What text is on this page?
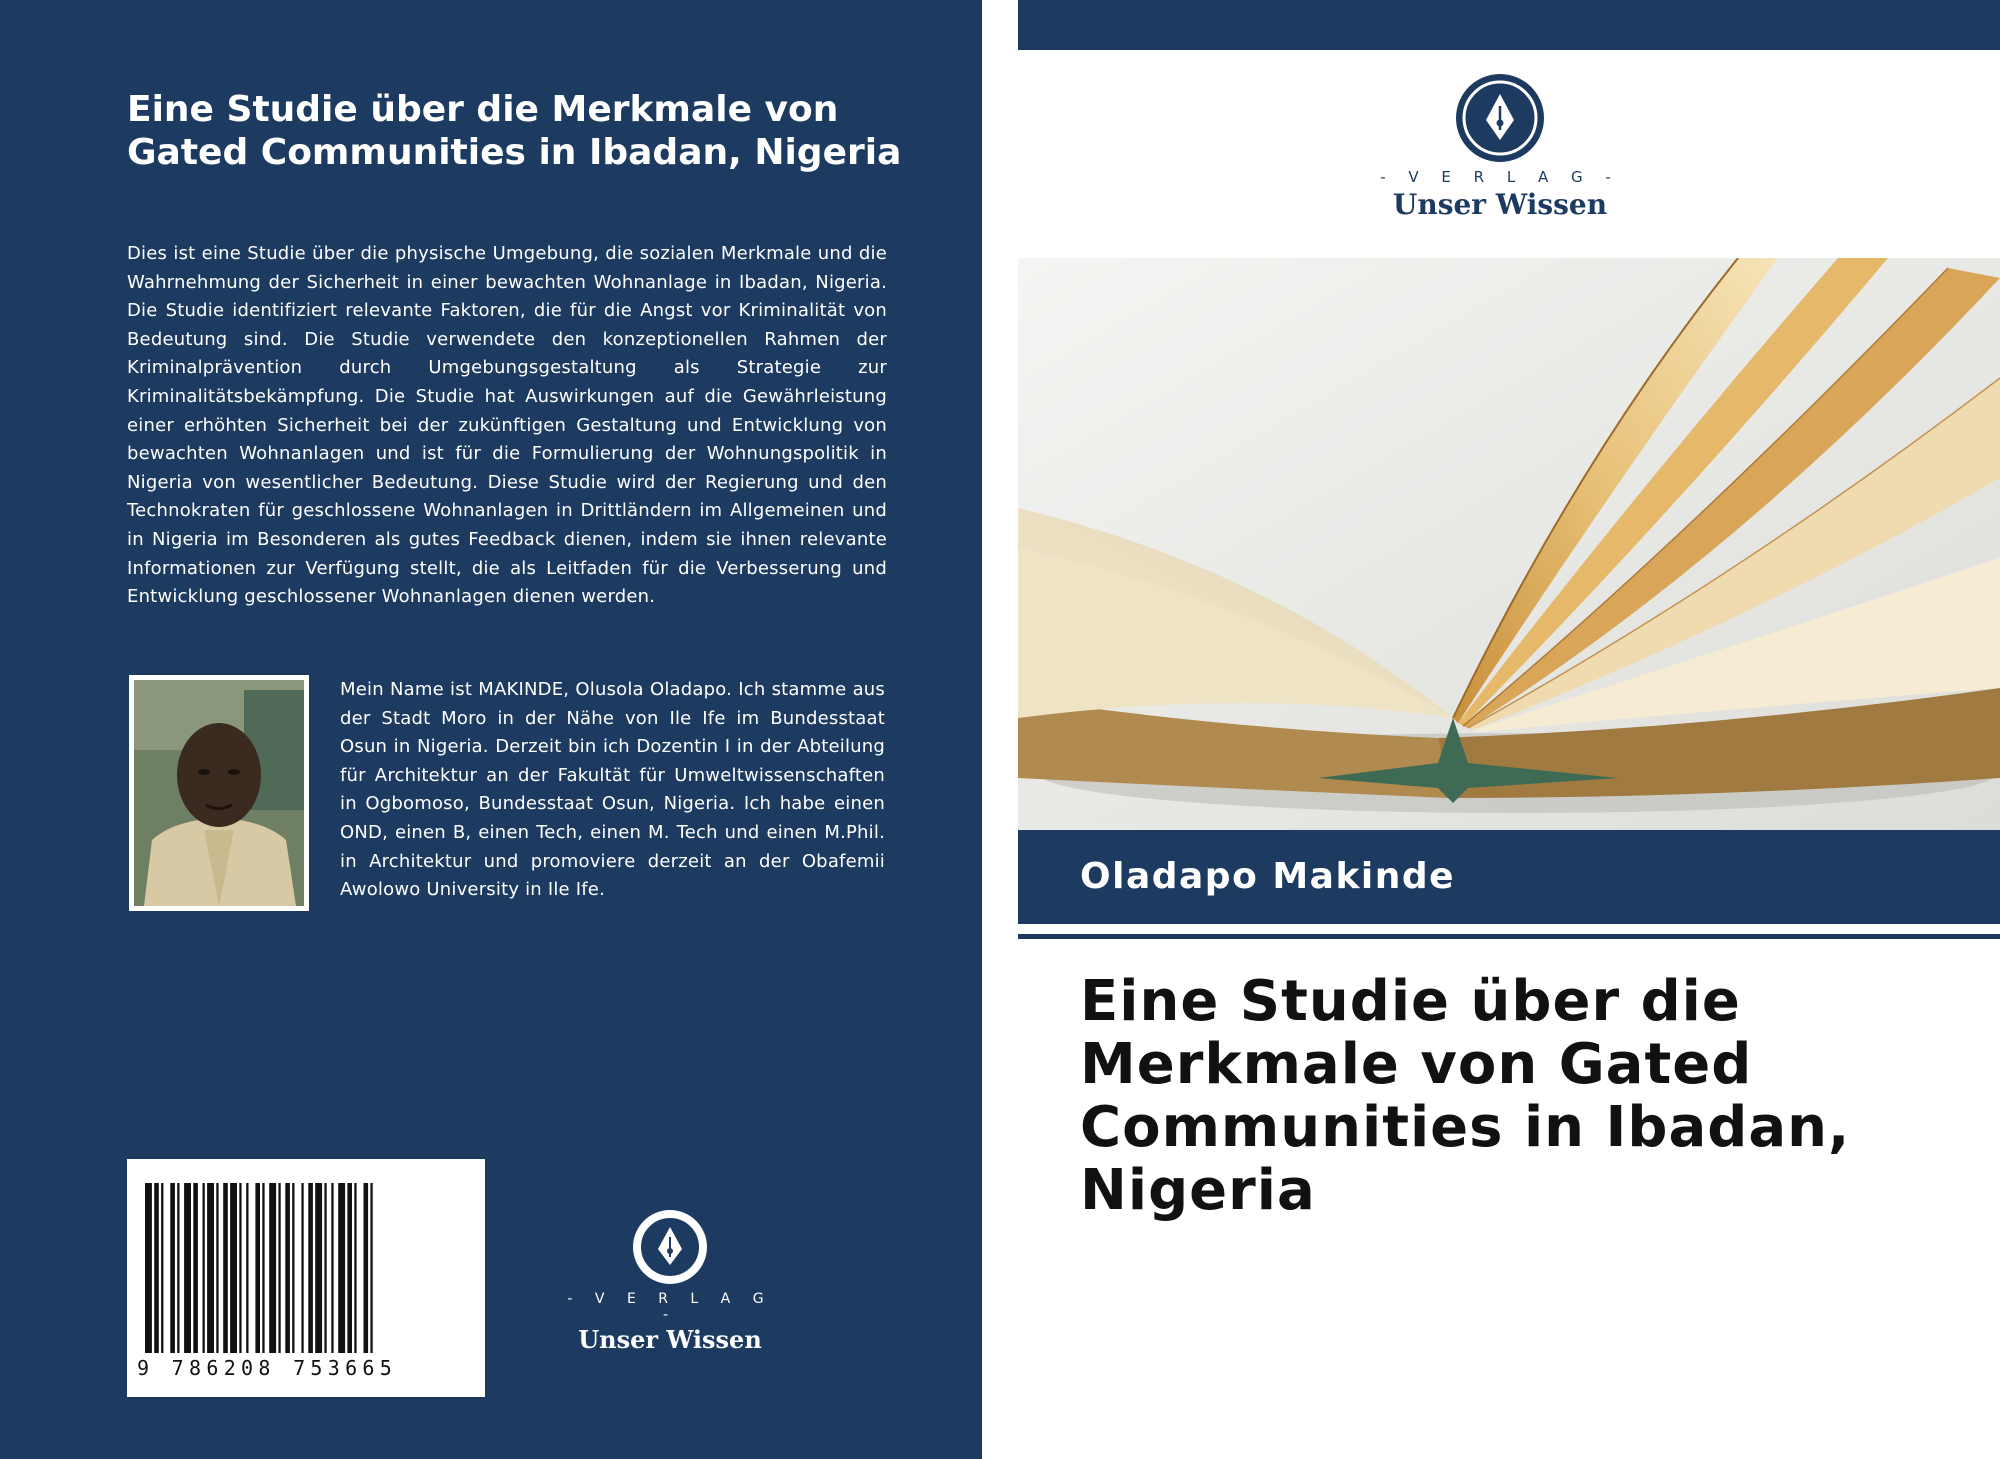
Eine Studie über die Merkmale von Gated Communities in Ibadan, Nigeria

Dies ist eine Studie über die physische Umgebung, die sozialen Merkmale und die Wahrnehmung der Sicherheit in einer bewachten Wohnanlage in Ibadan, Nigeria. Die Studie identifiziert relevante Faktoren, die für die Angst vor Kriminalität von Bedeutung sind. Die Studie verwendete den konzeptionellen Rahmen der Kriminalprävention durch Umgebungsgestaltung als Strategie zur Kriminalitätsbekämpfung. Die Studie hat Auswirkungen auf die Gewährleistung einer erhöhten Sicherheit bei der zukünftigen Gestaltung und Entwicklung von bewachten Wohnanlagen und ist für die Formulierung der Wohnungspolitik in Nigeria von wesentlicher Bedeutung. Diese Studie wird der Regierung und den Technokraten für geschlossene Wohnanlagen in Drittländern im Allgemeinen und in Nigeria im Besonderen als gutes Feedback dienen, indem sie ihnen relevante Informationen zur Verfügung stellt, die als Leitfaden für die Verbesserung und Entwicklung geschlossener Wohnanlagen dienen werden.

Mein Name ist MAKINDE, Olusola Oladapo. Ich stamme aus der Stadt Moro in der Nähe von Ile Ife im Bundesstaat Osun in Nigeria. Derzeit bin ich Dozentin I in der Abteilung für Architektur an der Fakultät für Umweltwissenschaften in Ogbomoso, Bundesstaat Osun, Nigeria. Ich habe einen OND, einen B, einen Tech, einen M. Tech und einen M.Phil. in Architektur und promoviere derzeit an der Obafemii Awolowo University in Ile Ife.

9 786208 753665
- V E R L A G -
Unser Wissen
- V E R L A G -
Unser Wissen
Oladapo Makinde
Eine Studie über die Merkmale von Gated Communities in Ibadan, Nigeria
